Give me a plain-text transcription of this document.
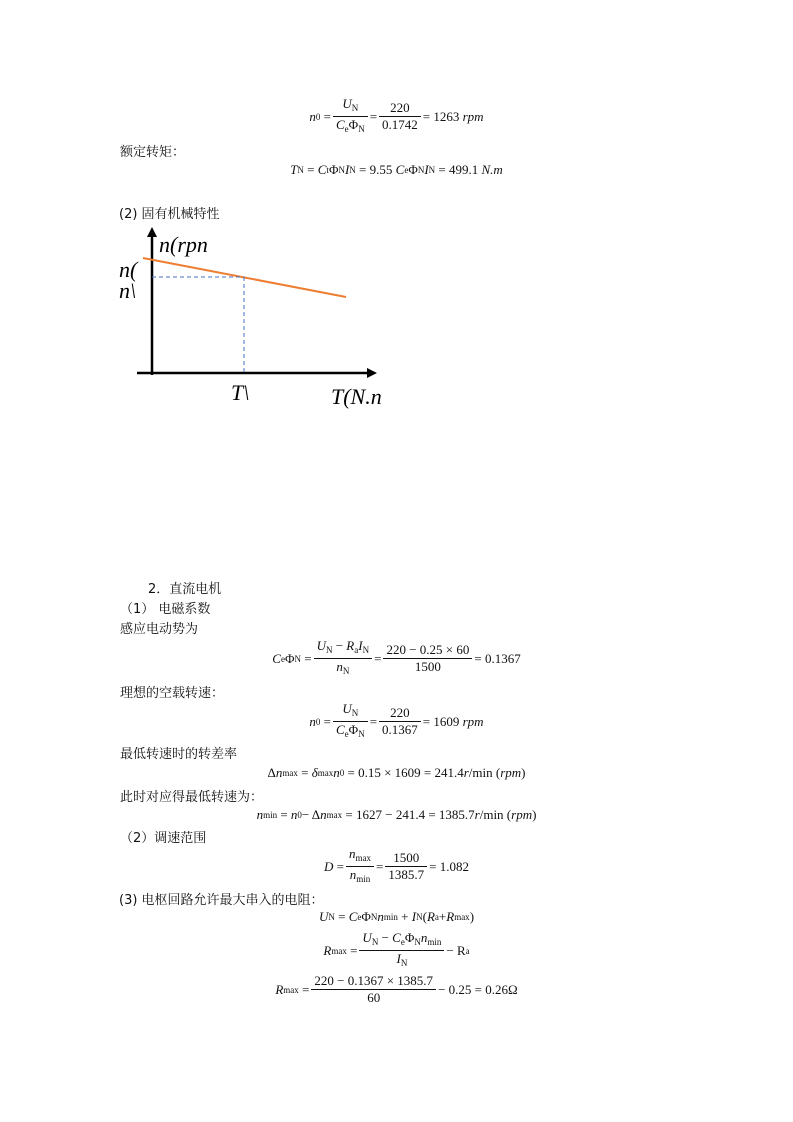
n $0 = \frac{U_N}{C_e\Phi_N} = \frac{220}{0.1742} = 1263$
rpm
额定转矩：
T N = C t Φ N I N = 9.55 C e Φ N I N = 499.1 N.m
(2) 固有机械特性
n(rpn
n(
n\
T\	T(N.n
2．直流电机
（1） 电磁系数
感应电动势为
C e Φ $N = \frac{U_N - R_aI_N}{n_N} = \frac{220 - 0.25 \times 60}{1500} = 0.1367$
理想的空载转速：
n $0 = \frac{U_N}{C_e\Phi_N} = \frac{220}{0.1367} = 1609$
rpm
最低转速时的转差率
Δ n max = δ max n 0 = 0.15 × 1609 = 241.4 r /min ( rpm )
此时对应得最低转速为：
n min = n 0 − Δ n max = 1627 − 241.4 = 1385.7 r /min ( rpm )
（2）调速范围
$D = \frac{n_{max}}{n_{min}} = \frac{1500}{1385.7} = 1.082$
(3) 电枢回路允许最大串入的电阻：
U N = C e Φ N n min + I N ( R a + R max )
R $\max = \frac{U_N - C_e\Phi_Nn_{min}}{I_N} - R$ a
R $\max = \frac{220 - 0.1367 \times 1385.7}{60} - 0.25 = 0.26\Omega$
